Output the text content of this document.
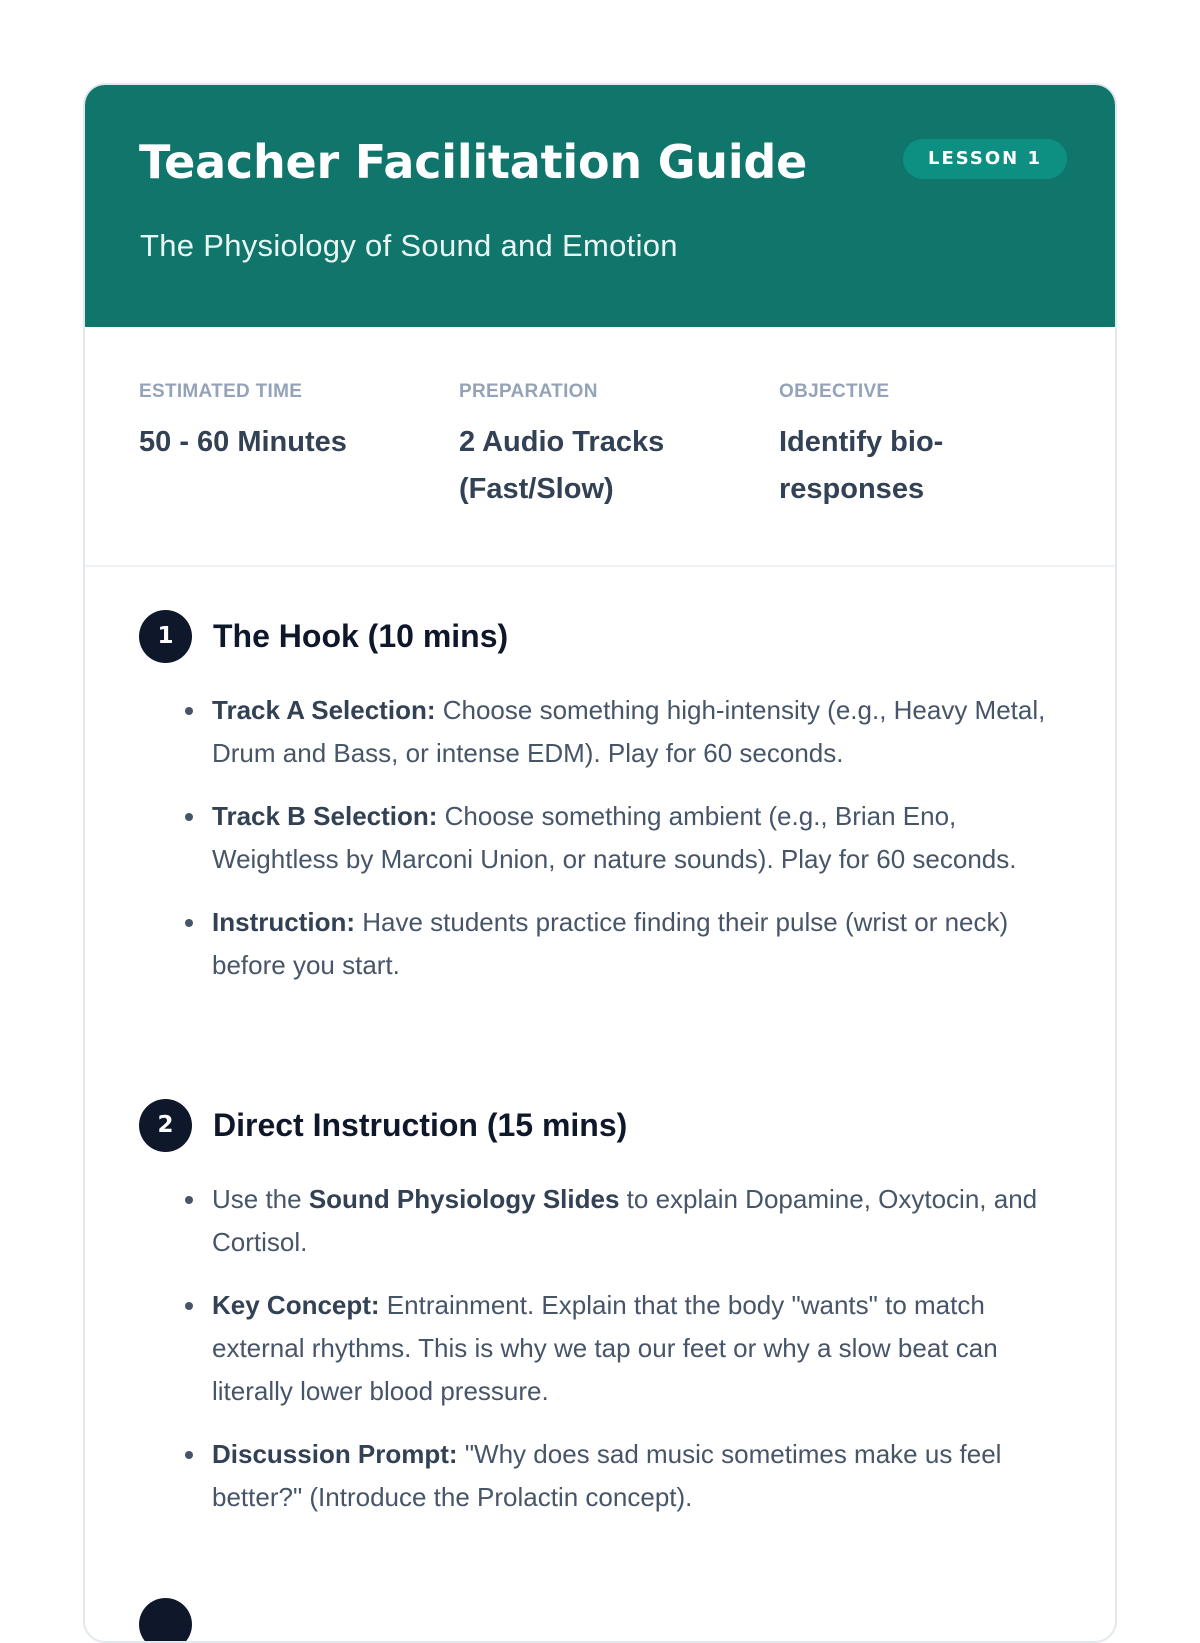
Teacher Facilitation Guide	LESSON 1

The Physiology of Sound and Emotion

ESTIMATED TIME

50 - 60 Minutes

PREPARATION

2 Audio Tracks (Fast/Slow)

OBJECTIVE

Identify bio-responses
1	The Hook (10 mins)
Track A Selection: Choose something high-intensity (e.g., Heavy Metal, Drum and Bass, or intense EDM). Play for 60 seconds.
Track B Selection: Choose something ambient (e.g., Brian Eno, Weightless by Marconi Union, or nature sounds). Play for 60 seconds.
Instruction: Have students practice finding their pulse (wrist or neck) before you start.
2	Direct Instruction (15 mins)
Use the Sound Physiology Slides to explain Dopamine, Oxytocin, and Cortisol.
Key Concept: Entrainment. Explain that the body "wants" to match external rhythms. This is why we tap our feet or why a slow beat can literally lower blood pressure.
Discussion Prompt: "Why does sad music sometimes make us feel better?" (Introduce the Prolactin concept).
